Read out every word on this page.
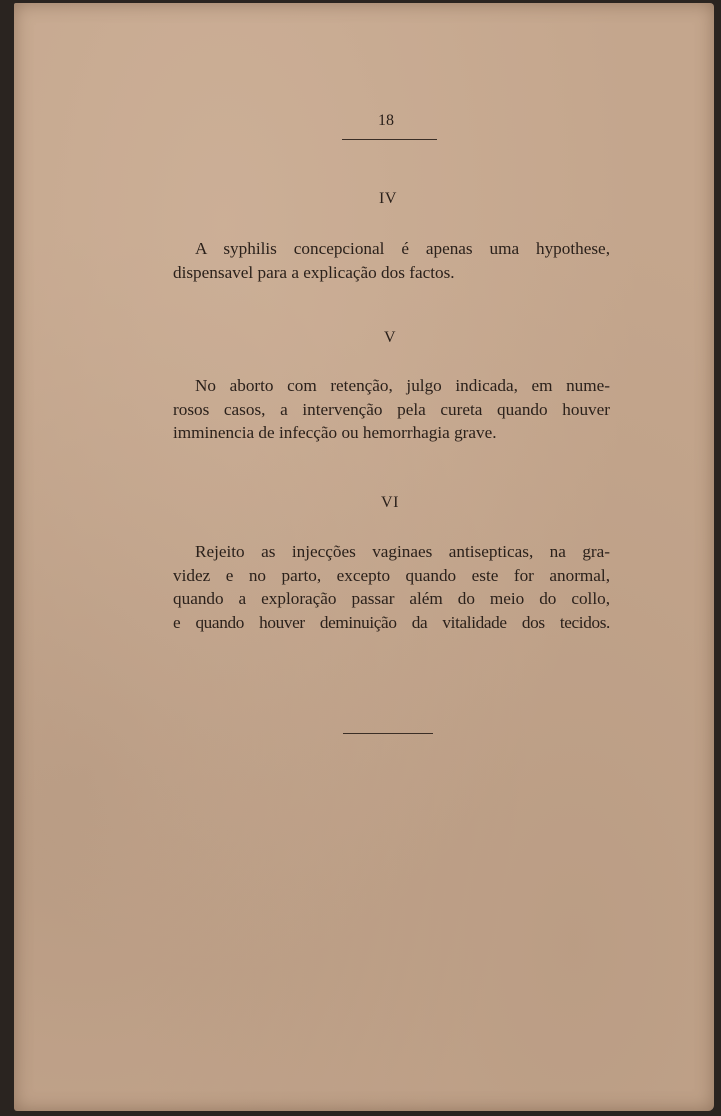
18
IV
A syphilis concepcional é apenas uma hypothese,
dispensavel para a explicação dos factos.
V
No aborto com retenção, julgo indicada, em nume-
rosos casos, a intervenção pela cureta quando houver
imminencia de infecção ou hemorrhagia grave.
VI
Rejeito as injecções vaginaes antisepticas, na gra-
videz e no parto, excepto quando este for anormal,
quando a exploração passar além do meio do collo,
e quando houver deminuição da vitalidade dos tecidos.
